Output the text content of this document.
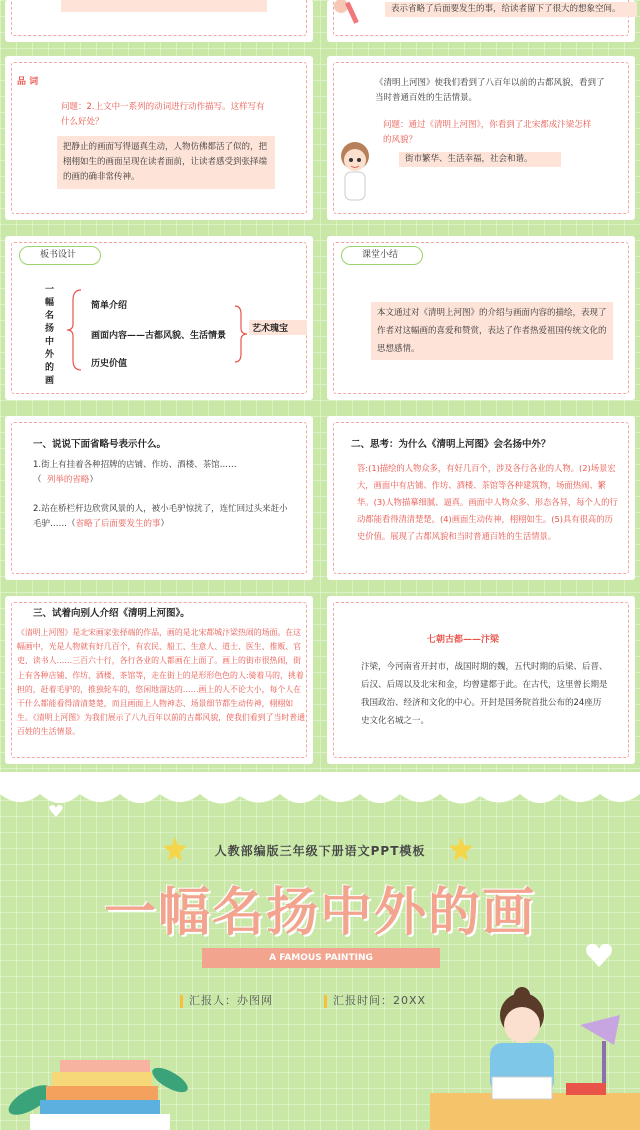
表示省略了后面要发生的事，给读者留下了很大的想象空间。
品 词
问题：2.上文中一系列的动词进行动作描写。这样写有什么好处？
把静止的画面写得逼真生动，人物仿佛都活了似的，把栩栩如生的画面呈现在读者面前，让读者感受到张择端的画的确非常传神。
《清明上河图》使我们看到了八百年以前的古都风貌，看到了当时普通百姓的生活情景。
问题：通过《清明上河图》，你看到了北宋都成汴梁怎样的风貌？
街市繁华、生活幸福，社会和谐。
板书设计
一幅名扬中外的画
简单介绍
画面内容——古都风貌、生活情景
历史价值
艺术瑰宝
课堂小结
本文通过对《清明上河图》的介绍与画面内容的描绘，表现了作者对这幅画的喜爱和赞赏，表达了作者热爱祖国传统文化的思想感情。
一、说说下面省略号表示什么。
1.街上有挂着各种招牌的店铺、作坊、酒楼、茶馆……
（ 列举的省略）
2.站在桥栏杆边欣赏风景的人，被小毛驴惊扰了，连忙回过头来赶小毛驴……（省略了后面要发生的事）
二、思考：为什么《清明上河图》会名扬中外？
答:(1)描绘的人物众多，有好几百个，涉及各行各业的人物。(2)场景宏大，画面中有店铺、作坊、酒楼、茶馆等各种建筑物，场面热闹、繁华。(3)人物描摹细腻、逼真。画面中人物众多、形态各异，每个人的行动都能看得清清楚楚。(4)画面生动传神，栩栩如生。(5)具有很高的历史价值。展现了古都风貌和当时普通百姓的生活情景。
三、试着向别人介绍《清明上河图》。
《清明上河图》是北宋画家张择端的作品，画的是北宋都城汴梁热闹的场面。在这幅画中，光是人物就有好几百个，有农民、船工、生意人、道士、医生、推贩、官吏、读书人……三百六十行，各行各业的人都画在上面了。画上的街市很热闹，街上有各种店铺、作坊、酒楼、茶馆等，走在街上的是形形色色的人:骑着马的，挑着担的，赶着毛驴的，推独轮车的，悠闲地溜达的……画上的人不论大小，每个人在干什么都能看得清清楚楚，而且画面上人物神态、场景细节都生动传神，栩栩如生。《清明上河图》为我们展示了八九百年以前的古都风貌，使我们看到了当时普通百姓的生活情景。
七朝古都——汴梁
汴梁，今河南省开封市，战国时期的魏，五代时期的后梁、后晋、后汉、后周以及北宋和金，均曾建都于此。在古代，这里曾长期是我国政治、经济和文化的中心。开封是国务院首批公布的24座历史文化名城之一。
人教部编版三年级下册语文PPT模板
一幅名扬中外的画
A FAMOUS PAINTING
汇报人：办图网	汇报时间：20XX
